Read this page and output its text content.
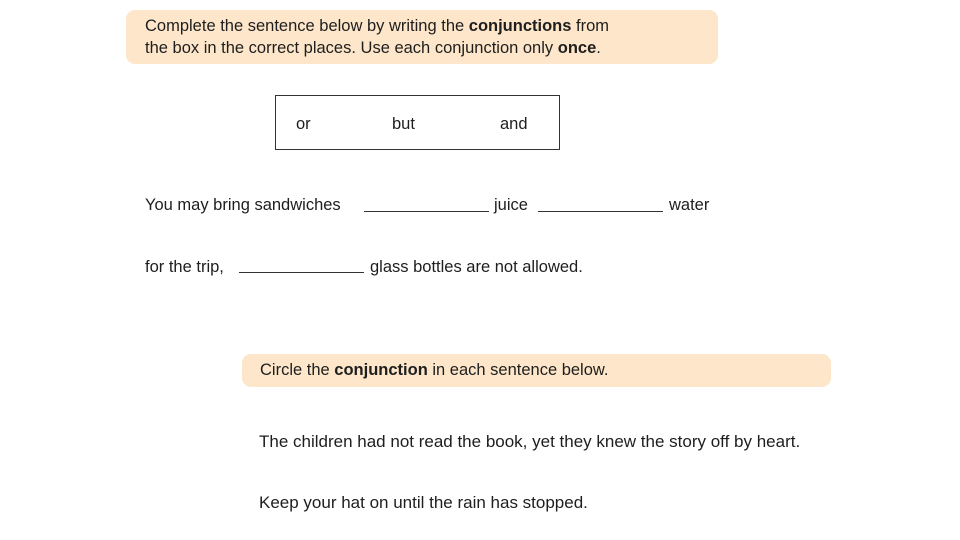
Complete the sentence below by writing the conjunctions from
the box in the correct places. Use each conjunction only once.
or	but	and
You may bring sandwiches	juice	water
for the trip,	glass bottles are not allowed.
Circle the conjunction in each sentence below.
The children had not read the book, yet they knew the story off by heart.
Keep your hat on until the rain has stopped.
